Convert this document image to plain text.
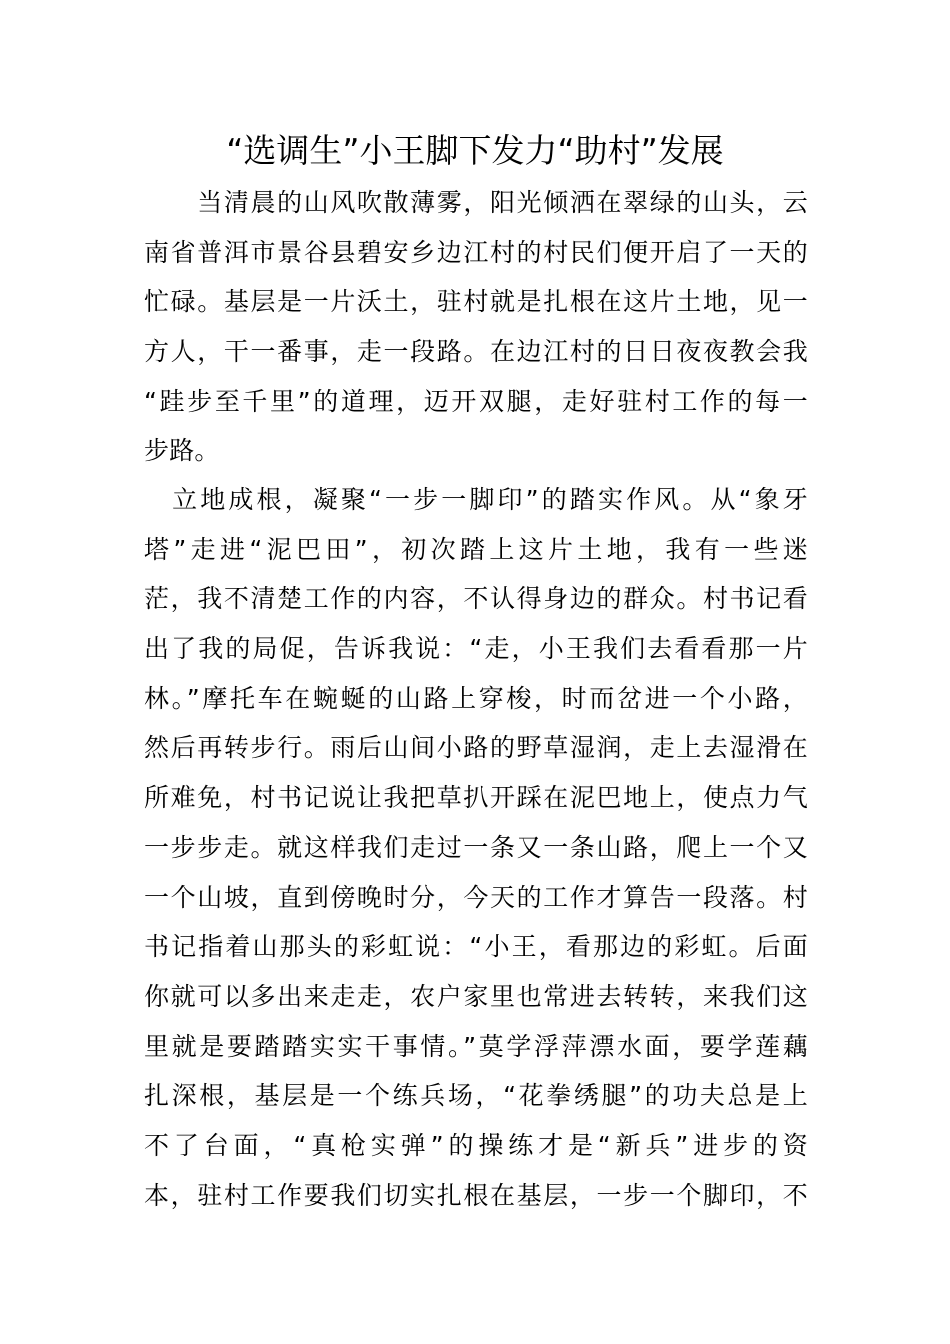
“选调生”小王脚下发力“助村”发展
　　当清晨的山风吹散薄雾，阳光倾洒在翠绿的山头，云
南省普洱市景谷县碧安乡边江村的村民们便开启了一天的
忙碌。基层是一片沃土，驻村就是扎根在这片土地，见一
方人，干一番事，走一段路。在边江村的日日夜夜教会我
“跬步至千里”的道理，迈开双腿，走好驻村工作的每一
步路。
　立地成根，凝聚“一步一脚印”的踏实作风。从“象牙
塔”走进“泥巴田”，初次踏上这片土地，我有一些迷
茫，我不清楚工作的内容，不认得身边的群众。村书记看
出了我的局促，告诉我说：“走，小王我们去看看那一片
林。”摩托车在蜿蜒的山路上穿梭，时而岔进一个小路，
然后再转步行。雨后山间小路的野草湿润，走上去湿滑在
所难免，村书记说让我把草扒开踩在泥巴地上，使点力气
一步步走。就这样我们走过一条又一条山路，爬上一个又
一个山坡，直到傍晚时分，今天的工作才算告一段落。村
书记指着山那头的彩虹说：“小王，看那边的彩虹。后面
你就可以多出来走走，农户家里也常进去转转，来我们这
里就是要踏踏实实干事情。”莫学浮萍漂水面，要学莲藕
扎深根，基层是一个练兵场，“花拳绣腿”的功夫总是上
不了台面，“真枪实弹”的操练才是“新兵”进步的资
本，驻村工作要我们切实扎根在基层，一步一个脚印，不
